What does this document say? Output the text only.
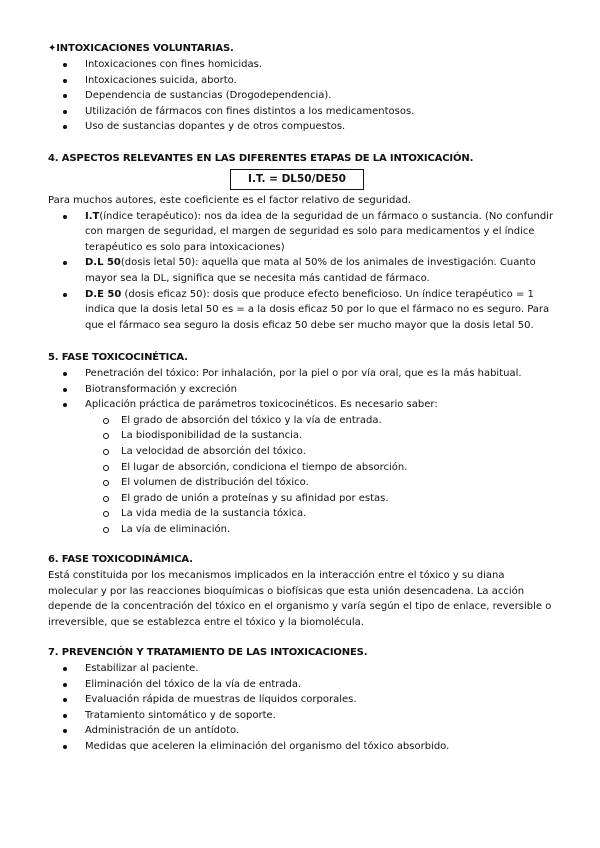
✦INTOXICACIONES VOLUNTARIAS.
Intoxicaciones con fines homicidas.
Intoxicaciones suicida, aborto.
Dependencia de sustancias (Drogodependencia).
Utilización de fármacos con fines distintos a los medicamentosos.
Uso de sustancias dopantes y de otros compuestos.
4. ASPECTOS RELEVANTES EN LAS DIFERENTES ETAPAS DE LA INTOXICACIÓN.
I.T. = DL50/DE50

Para muchos autores, este coeficiente es el factor relativo de seguridad.

I.T(índice terapéutico): nos da idea de la seguridad de un fármaco o sustancia. (No confundir con margen de seguridad, el margen de seguridad es solo para medicamentos y el índice terapéutico es solo para intoxicaciones)
D.L 50(dosis letal 50): aquella que mata al 50% de los animales de investigación. Cuanto mayor sea la DL, significa que se necesita más cantidad de fármaco.
D.E 50 (dosis eficaz 50): dosis que produce efecto beneficioso. Un índice terapéutico = 1 indica que la dosis letal 50 es = a la dosis eficaz 50 por lo que el fármaco no es seguro. Para que el fármaco sea seguro la dosis eficaz 50 debe ser mucho mayor que la dosis letal 50.
5. FASE TOXICOCINÉTICA.
Penetración del tóxico: Por inhalación, por la piel o por vía oral, que es la más habitual.
Biotransformación y excreción
Aplicación práctica de parámetros toxicocinéticos. Es necesario saber:
El grado de absorción del tóxico y la vía de entrada.
La biodisponibilidad de la sustancia.
La velocidad de absorción del tóxico.
El lugar de absorción, condiciona el tiempo de absorción.
El volumen de distribución del tóxico.
El grado de unión a proteínas y su afinidad por estas.
La vida media de la sustancia tóxica.
La vía de eliminación.
6. FASE TOXICODINÁMICA.

Está constituida por los mecanismos implicados en la interacción entre el tóxico y su diana molecular y por las reacciones bioquímicas o biofísicas que esta unión desencadena. La acción depende de la concentración del tóxico en el organismo y varía según el tipo de enlace, reversible o irreversible, que se establezca entre el tóxico y la biomolécula.

7. PREVENCIÓN Y TRATAMIENTO DE LAS INTOXICACIONES.
Estabilizar al paciente.
Eliminación del tóxico de la vía de entrada.
Evaluación rápida de muestras de líquidos corporales.
Tratamiento sintomático y de soporte.
Administración de un antídoto.
Medidas que aceleren la eliminación del organismo del tóxico absorbido.
